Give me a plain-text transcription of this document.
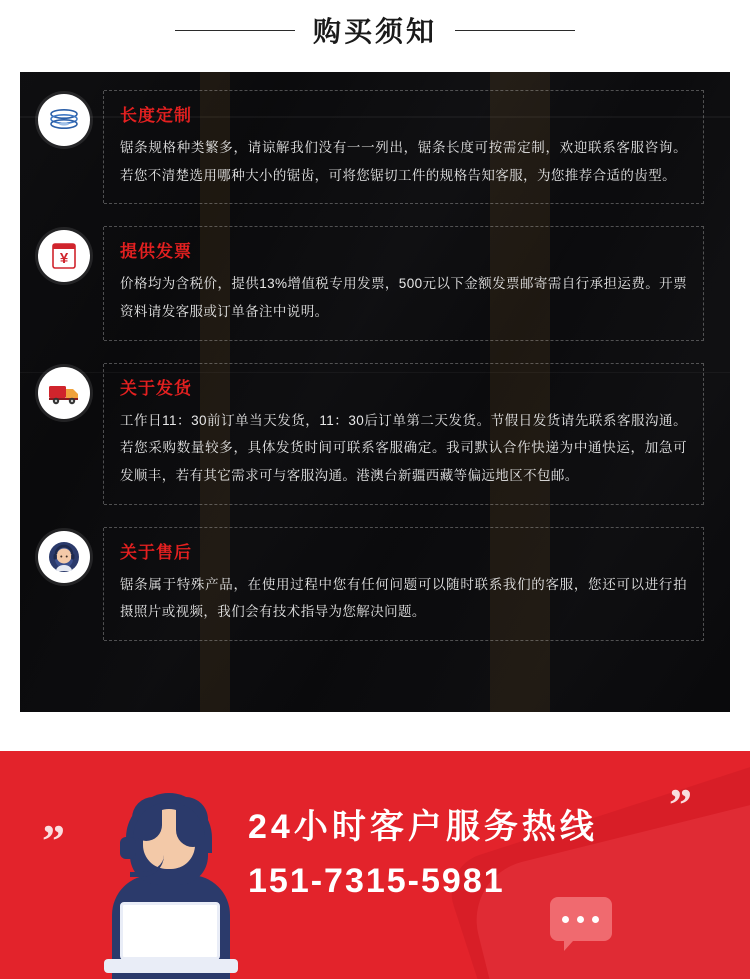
购买须知
长度定制

锯条规格种类繁多，请谅解我们没有一一列出，锯条长度可按需定制，欢迎联系客服咨询。若您不清楚选用哪种大小的锯齿，可将您锯切工件的规格告知客服，为您推荐合适的齿型。

¥	提供发票

价格均为含税价，提供13%增值税专用发票，500元以下金额发票邮寄需自行承担运费。开票资料请发客服或订单备注中说明。

关于发货

工作日11：30前订单当天发货，11：30后订单第二天发货。节假日发货请先联系客服沟通。若您采购数量较多，具体发货时间可联系客服确定。我司默认合作快递为中通快运，加急可发顺丰，若有其它需求可与客服沟通。港澳台新疆西藏等偏远地区不包邮。

关于售后

锯条属于特殊产品，在使用过程中您有任何问题可以随时联系我们的客服，您还可以进行拍摄照片或视频，我们会有技术指导为您解决问题。

”
”
24小时客户服务热线
151-7315-5981
